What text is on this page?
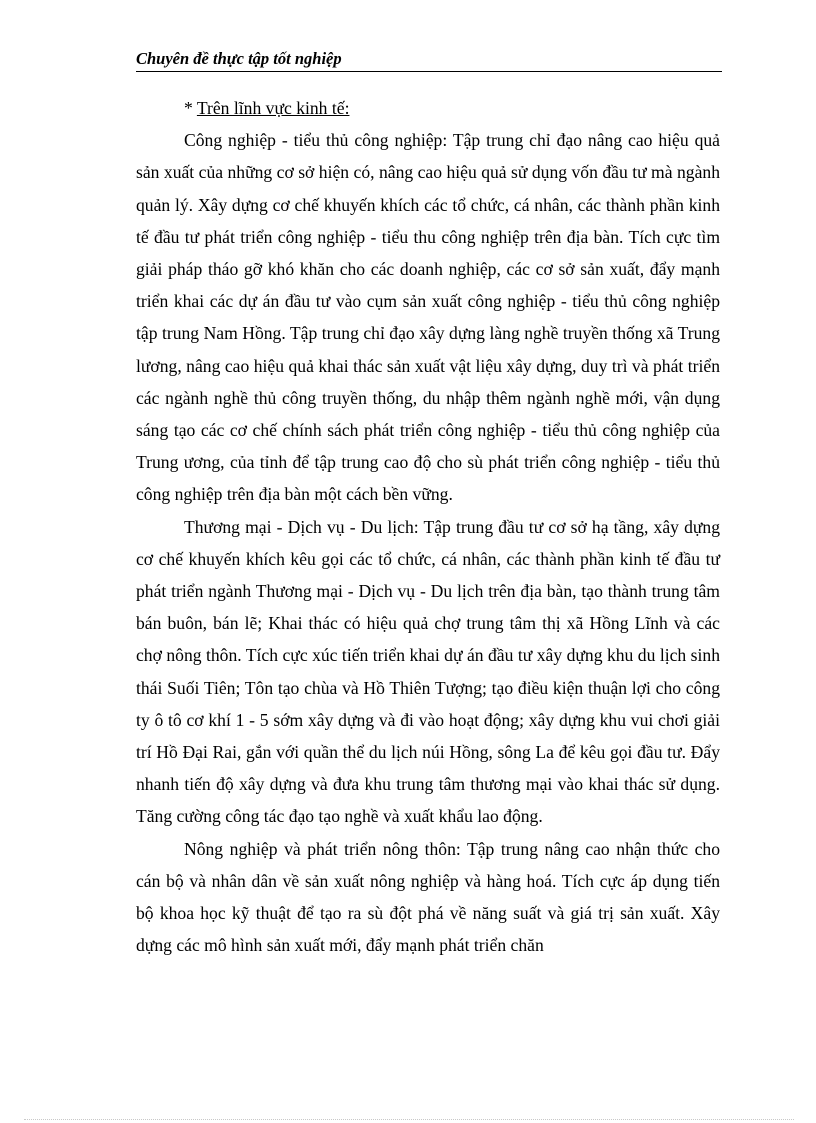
Chuyên đề thực tập tốt nghiệp

* Trên lĩnh vực kinh tế:

Công nghiệp - tiểu thủ công nghiệp: Tập trung chỉ đạo nâng cao hiệu quả sản xuất của những cơ sở hiện có, nâng cao hiệu quả sử dụng vốn đầu tư mà ngành quản lý. Xây dựng cơ chế khuyến khích các tổ chức, cá nhân, các thành phần kinh tế đầu tư phát triển công nghiệp - tiểu thu công nghiệp trên địa bàn. Tích cực tìm giải pháp tháo gỡ khó khăn cho các doanh nghiệp, các cơ sở sản xuất, đẩy mạnh triển khai các dự án đầu tư vào cụm sản xuất công nghiệp - tiểu thủ công nghiệp tập trung Nam Hồng. Tập trung chỉ đạo xây dựng làng nghề truyền thống xã Trung lương, nâng cao hiệu quả khai thác sản xuất vật liệu xây dựng, duy trì và phát triển các ngành nghề thủ công truyền thống, du nhập thêm ngành nghề mới, vận dụng sáng tạo các cơ chế chính sách phát triển công nghiệp - tiểu thủ công nghiệp của Trung ương, của tỉnh để tập trung cao độ cho sù phát triển công nghiệp - tiểu thủ công nghiệp trên địa bàn một cách bền vững.

Thương mại - Dịch vụ - Du lịch: Tập trung đầu tư cơ sở hạ tầng, xây dựng cơ chế khuyến khích kêu gọi các tổ chức, cá nhân, các thành phần kinh tế đầu tư phát triển ngành Thương mại - Dịch vụ - Du lịch trên địa bàn, tạo thành trung tâm bán buôn, bán lẽ; Khai thác có hiệu quả chợ trung tâm thị xã Hồng Lĩnh và các chợ nông thôn. Tích cực xúc tiến triển khai dự án đầu tư xây dựng khu du lịch sinh thái Suối Tiên; Tôn tạo chùa và Hồ Thiên Tượng; tạo điều kiện thuận lợi cho công ty ô tô cơ khí 1 - 5 sớm xây dựng và đi vào hoạt động; xây dựng khu vui chơi giải trí Hồ Đại Rai, gắn với quần thể du lịch núi Hồng, sông La để kêu gọi đầu tư. Đẩy nhanh tiến độ xây dựng và đưa khu trung tâm thương mại vào khai thác sử dụng. Tăng cường công tác đạo tạo nghề và xuất khẩu lao động.

Nông nghiệp và phát triển nông thôn: Tập trung nâng cao nhận thức cho cán bộ và nhân dân về sản xuất nông nghiệp và hàng hoá. Tích cực áp dụng tiến bộ khoa học kỹ thuật để tạo ra sù đột phá về năng suất và giá trị sản xuất. Xây dựng các mô hình sản xuất mới, đẩy mạnh phát triển chăn
